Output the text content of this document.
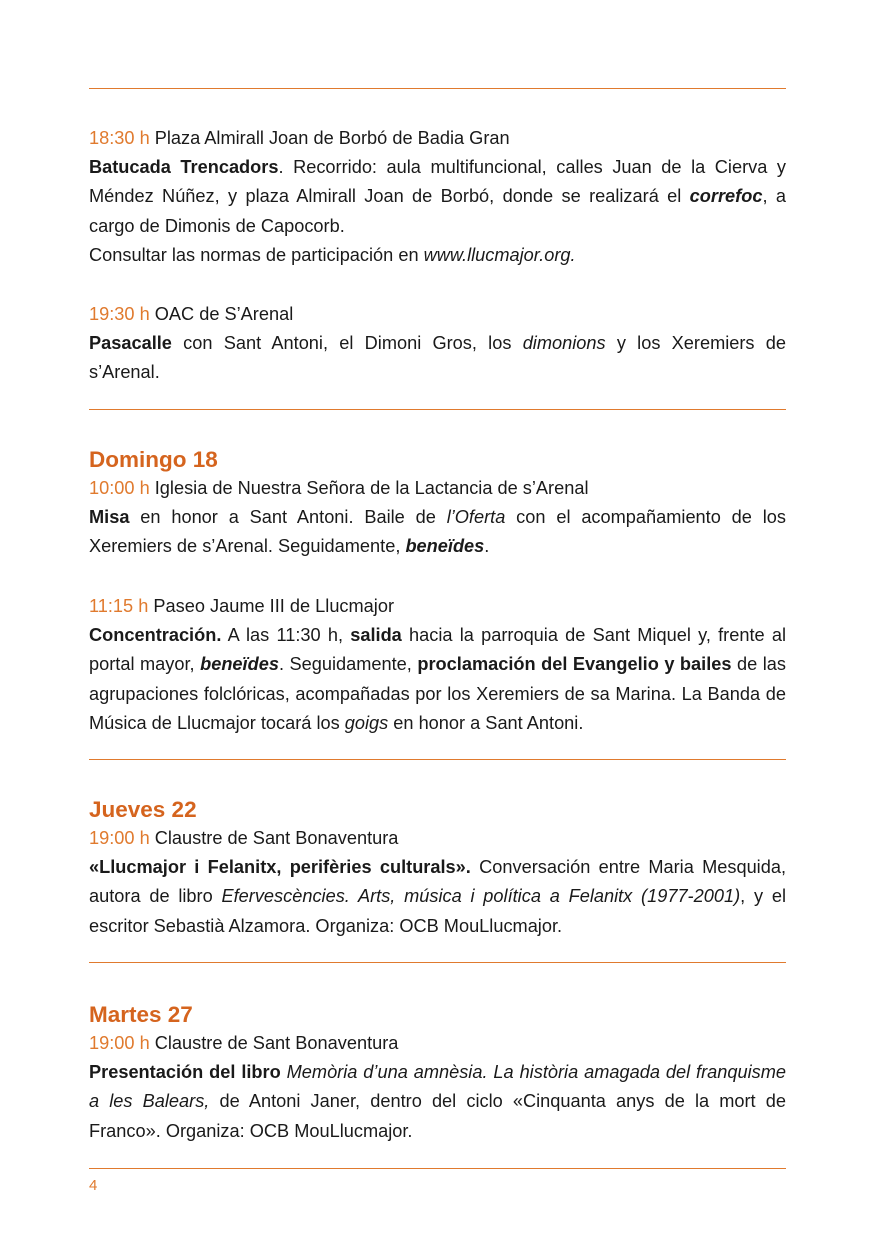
18:30 h Plaza Almirall Joan de Borbó de Badia Gran

Batucada Trencadors. Recorrido: aula multifuncional, calles Juan de la Cierva y Méndez Núñez, y plaza Almirall Joan de Borbó, donde se realizará el correfoc, a cargo de Dimonis de Capocorb.

Consultar las normas de participación en www.llucmajor.org.
19:30 h OAC de S’Arenal

Pasacalle con Sant Antoni, el Dimoni Gros, los dimonions y los Xeremiers de s’Arenal.

Domingo 18
10:00 h Iglesia de Nuestra Señora de la Lactancia de s’Arenal

Misa en honor a Sant Antoni. Baile de l’Oferta con el acompañamiento de los Xeremiers de s’Arenal. Seguidamente, beneïdes.

11:15 h Paseo Jaume III de Llucmajor

Concentración. A las 11:30 h, salida hacia la parroquia de Sant Miquel y, frente al portal mayor, beneïdes. Seguidamente, proclamación del Evangelio y bailes de las agrupaciones folclóricas, acompañadas por los Xeremiers de sa Marina. La Banda de Música de Llucmajor tocará los goigs en honor a Sant Antoni.

Jueves 22
19:00 h Claustre de Sant Bonaventura

«Llucmajor i Felanitx, perifèries culturals». Conversación entre Maria Mesquida, autora de libro Efervescències. Arts, música i política a Felanitx (1977-2001), y el escritor Sebastià Alzamora. Organiza: OCB MouLlucmajor.

Martes 27
19:00 h Claustre de Sant Bonaventura

Presentación del libro Memòria d’una amnèsia. La història amagada del franquisme a les Balears, de Antoni Janer, dentro del ciclo «Cinquanta anys de la mort de Franco». Organiza: OCB MouLlucmajor.

4
